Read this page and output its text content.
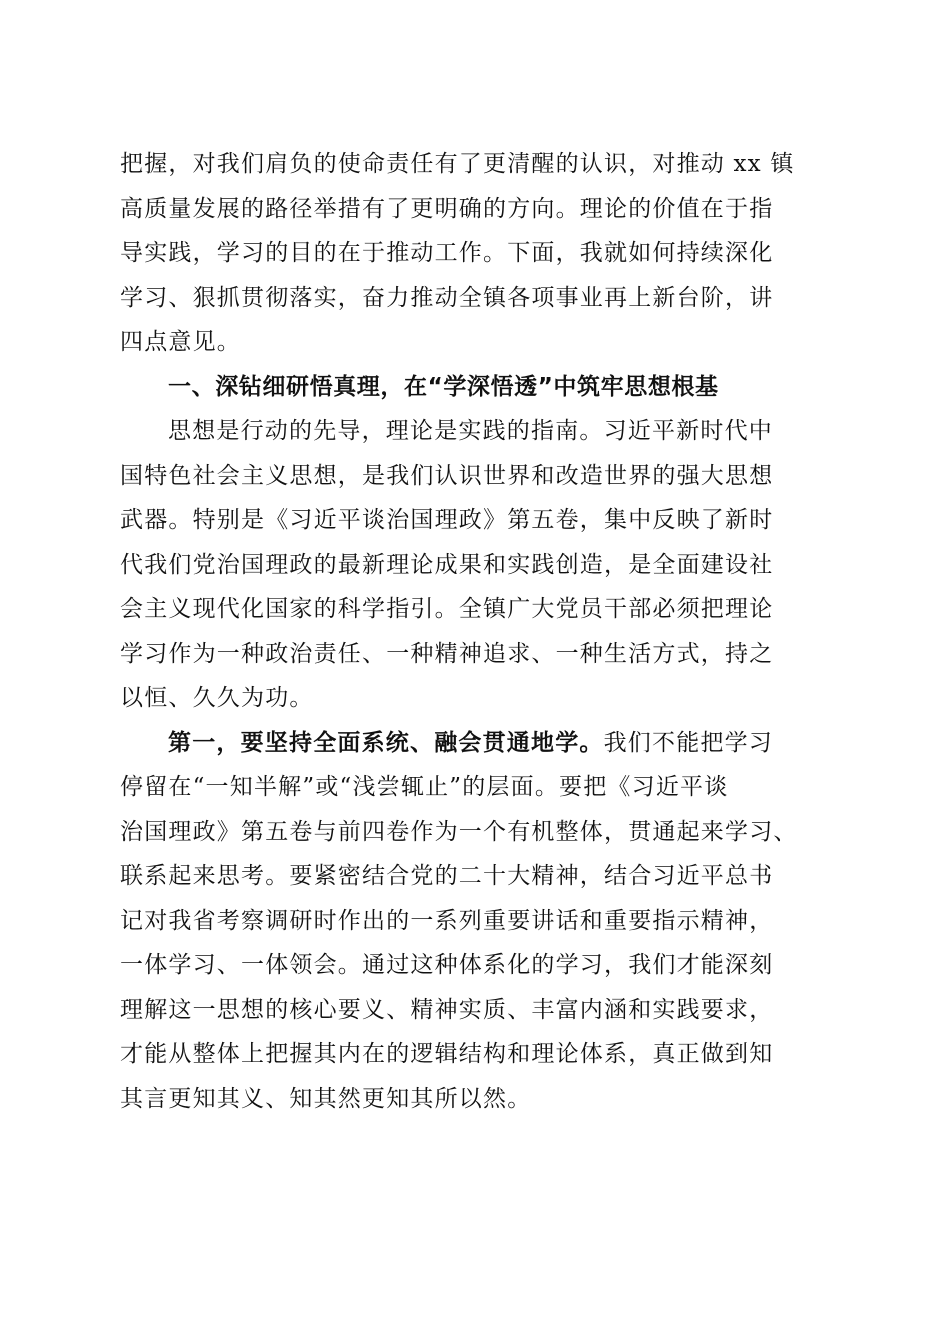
把握，对我们肩负的使命责任有了更清醒的认识，对推动 xx 镇

高质量发展的路径举措有了更明确的方向。理论的价值在于指

导实践，学习的目的在于推动工作。下面，我就如何持续深化

学习、狠抓贯彻落实，奋力推动全镇各项事业再上新台阶，讲

四点意见。

一、深钻细研悟真理，在“学深悟透”中筑牢思想根基

思想是行动的先导，理论是实践的指南。习近平新时代中

国特色社会主义思想，是我们认识世界和改造世界的强大思想

武器。特别是《习近平谈治国理政》第五卷，集中反映了新时

代我们党治国理政的最新理论成果和实践创造，是全面建设社

会主义现代化国家的科学指引。全镇广大党员干部必须把理论

学习作为一种政治责任、一种精神追求、一种生活方式，持之

以恒、久久为功。

第一，要坚持全面系统、融会贯通地学。我们不能把学习

停留在“一知半解”或“浅尝辄止”的层面。要把《习近平谈

治国理政》第五卷与前四卷作为一个有机整体，贯通起来学习、

联系起来思考。要紧密结合党的二十大精神，结合习近平总书

记对我省考察调研时作出的一系列重要讲话和重要指示精神，

一体学习、一体领会。通过这种体系化的学习，我们才能深刻

理解这一思想的核心要义、精神实质、丰富内涵和实践要求，

才能从整体上把握其内在的逻辑结构和理论体系，真正做到知

其言更知其义、知其然更知其所以然。
